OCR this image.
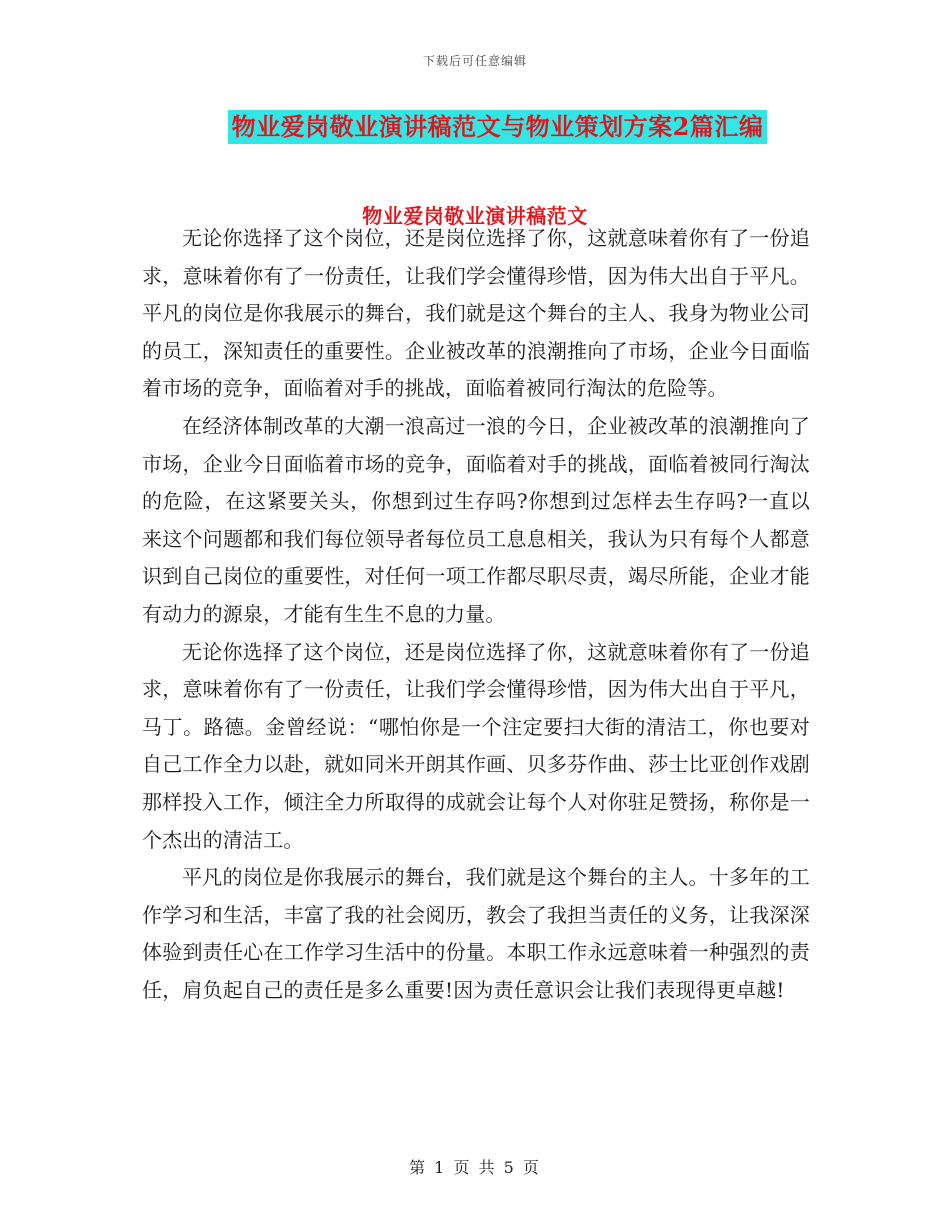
下载后可任意编辑
物业爱岗敬业演讲稿范文与物业策划方案2篇汇编
物业爱岗敬业演讲稿范文

无论你选择了这个岗位，还是岗位选择了你，这就意味着你有了一份追求，意味着你有了一份责任，让我们学会懂得珍惜，因为伟大出自于平凡。平凡的岗位是你我展示的舞台，我们就是这个舞台的主人、我身为物业公司的员工，深知责任的重要性。企业被改革的浪潮推向了市场，企业今日面临着市场的竞争，面临着对手的挑战，面临着被同行淘汰的危险等。

在经济体制改革的大潮一浪高过一浪的今日，企业被改革的浪潮推向了市场，企业今日面临着市场的竞争，面临着对手的挑战，面临着被同行淘汰的危险，在这紧要关头，你想到过生存吗?你想到过怎样去生存吗?一直以来这个问题都和我们每位领导者每位员工息息相关，我认为只有每个人都意识到自己岗位的重要性，对任何一项工作都尽职尽责，竭尽所能，企业才能有动力的源泉，才能有生生不息的力量。

无论你选择了这个岗位，还是岗位选择了你，这就意味着你有了一份追求，意味着你有了一份责任，让我们学会懂得珍惜，因为伟大出自于平凡，马丁。路德。金曾经说：“哪怕你是一个注定要扫大街的清洁工，你也要对自己工作全力以赴，就如同米开朗其作画、贝多芬作曲、莎士比亚创作戏剧那样投入工作，倾注全力所取得的成就会让每个人对你驻足赞扬，称你是一个杰出的清洁工。

平凡的岗位是你我展示的舞台，我们就是这个舞台的主人。十多年的工作学习和生活，丰富了我的社会阅历，教会了我担当责任的义务，让我深深体验到责任心在工作学习生活中的份量。本职工作永远意味着一种强烈的责任，肩负起自己的责任是多么重要!因为责任意识会让我们表现得更卓越!

第 1 页 共 5 页
